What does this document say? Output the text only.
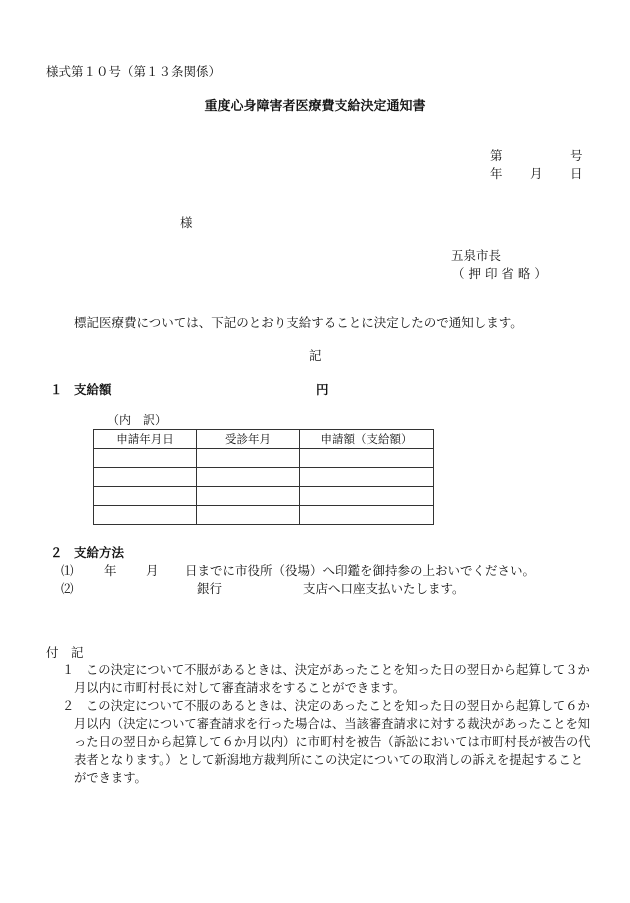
様式第１０号（第１３条関係）
重度心身障害者医療費支給決定通知書
第	号
年 月 日
様
五泉市長
（ 押 印 省 略 ）
標記医療費については、下記のとおり支給することに決定したので通知します。
記
１ 支給額	円
（内　訳）
申請年月日	受診年月	申請額（支給額）

２ 支給方法
⑴ 年 月 日までに市役所（役場）へ印鑑を御持参の上おいでください。
⑵	銀行	支店へ口座支払いたします。
付　記
１ この決定について不服があるときは、決定があったことを知った日の翌日から起算して３か月以内に市町村長に対して審査請求をすることができます。
２ この決定について不服のあるときは、決定のあったことを知った日の翌日から起算して６か月以内（決定について審査請求を行った場合は、当該審査請求に対する裁決があったことを知った日の翌日から起算して６か月以内）に市町村を被告（訴訟においては市町村長が被告の代表者となります。）として新潟地方裁判所にこの決定についての取消しの訴えを提起することができます。
